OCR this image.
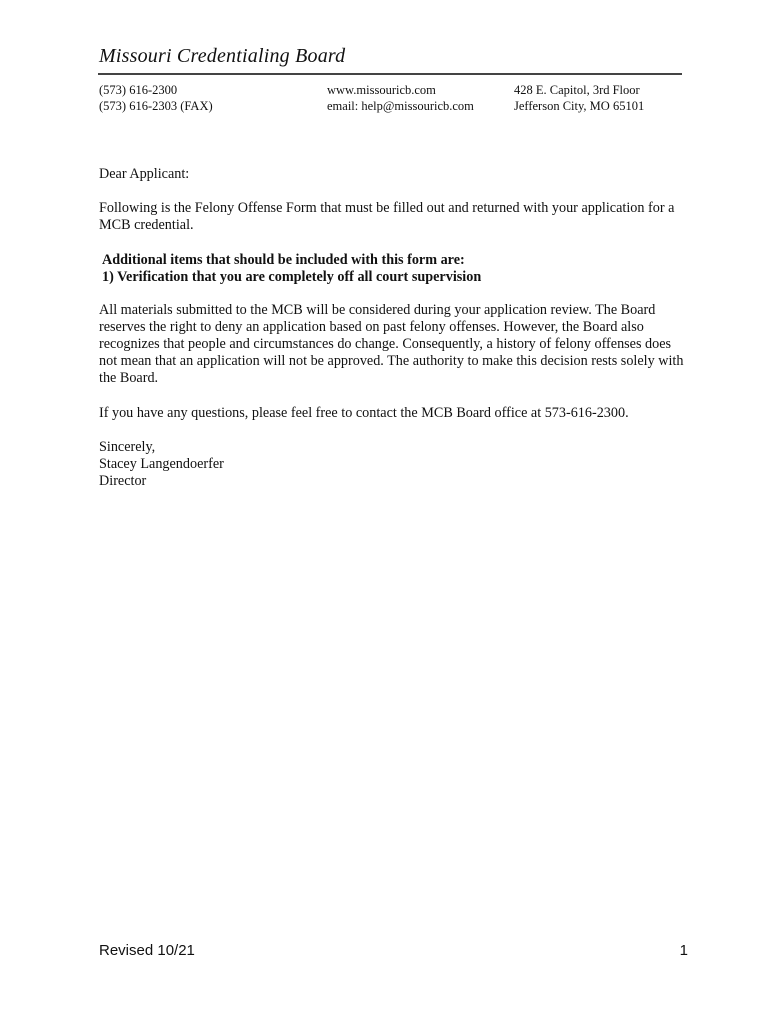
Missouri Credentialing Board
(573) 616-2300
(573) 616-2303 (FAX)
www.missouricb.com
email: help@missouricb.com
428 E. Capitol, 3rd Floor
Jefferson City, MO 65101
Dear Applicant:
Following is the Felony Offense Form that must be filled out and returned with your application for a MCB credential.
Additional items that should be included with this form are:
1) Verification that you are completely off all court supervision
All materials submitted to the MCB will be considered during your application review. The Board reserves the right to deny an application based on past felony offenses. However, the Board also recognizes that people and circumstances do change. Consequently, a history of felony offenses does not mean that an application will not be approved. The authority to make this decision rests solely with the Board.
If you have any questions, please feel free to contact the MCB Board office at 573-616-2300.
Sincerely,
Stacey Langendoerfer
Director
Revised 10/21	1
